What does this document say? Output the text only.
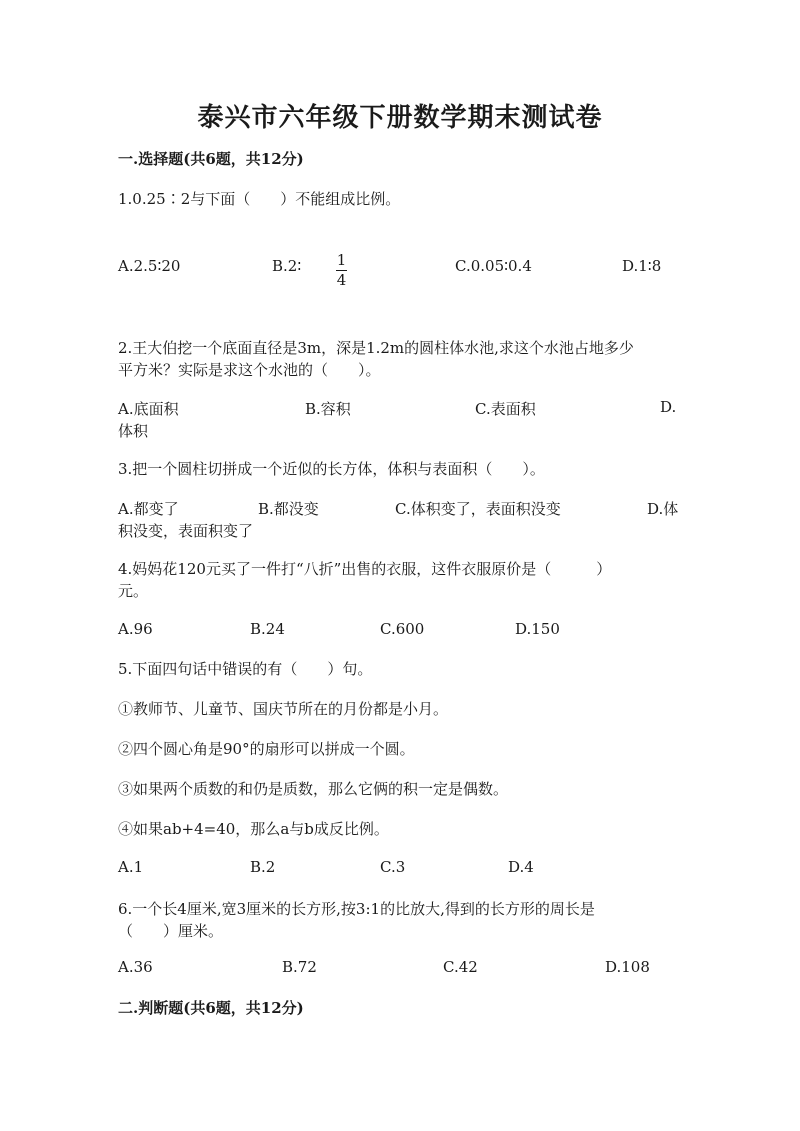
泰兴市六年级下册数学期末测试卷
一.选择题(共6题，共12分)
1.0.25∶2与下面（　　）不能组成比例。
A.2.5∶20	B.2∶ 1
4
C.0.05∶0.4	D.1∶8
2.王大伯挖一个底面直径是3m，深是1.2m的圆柱体水池,求这个水池占地多少
平方米？实际是求这个水池的（　　）。
A.底面积	B.容积	C.表面积	D.
体积
3.把一个圆柱切拼成一个近似的长方体，体积与表面积（　　）。
A.都变了	B.都没变	C.体积变了，表面积没变	D.体
积没变，表面积变了
4.妈妈花120元买了一件打“八折”出售的衣服，这件衣服原价是（　　　）
元。
A.96	B.24	C.600	D.150
5.下面四句话中错误的有（　　）句。
①教师节、儿童节、国庆节所在的月份都是小月。
②四个圆心角是90°的扇形可以拼成一个圆。
③如果两个质数的和仍是质数，那么它俩的积一定是偶数。
④如果ab+4=40，那么a与b成反比例。
A.1	B.2	C.3	D.4
6.一个长4厘米,宽3厘米的长方形,按3:1的比放大,得到的长方形的周长是
（　　）厘米。
A.36	B.72	C.42	D.108
二.判断题(共6题，共12分)
